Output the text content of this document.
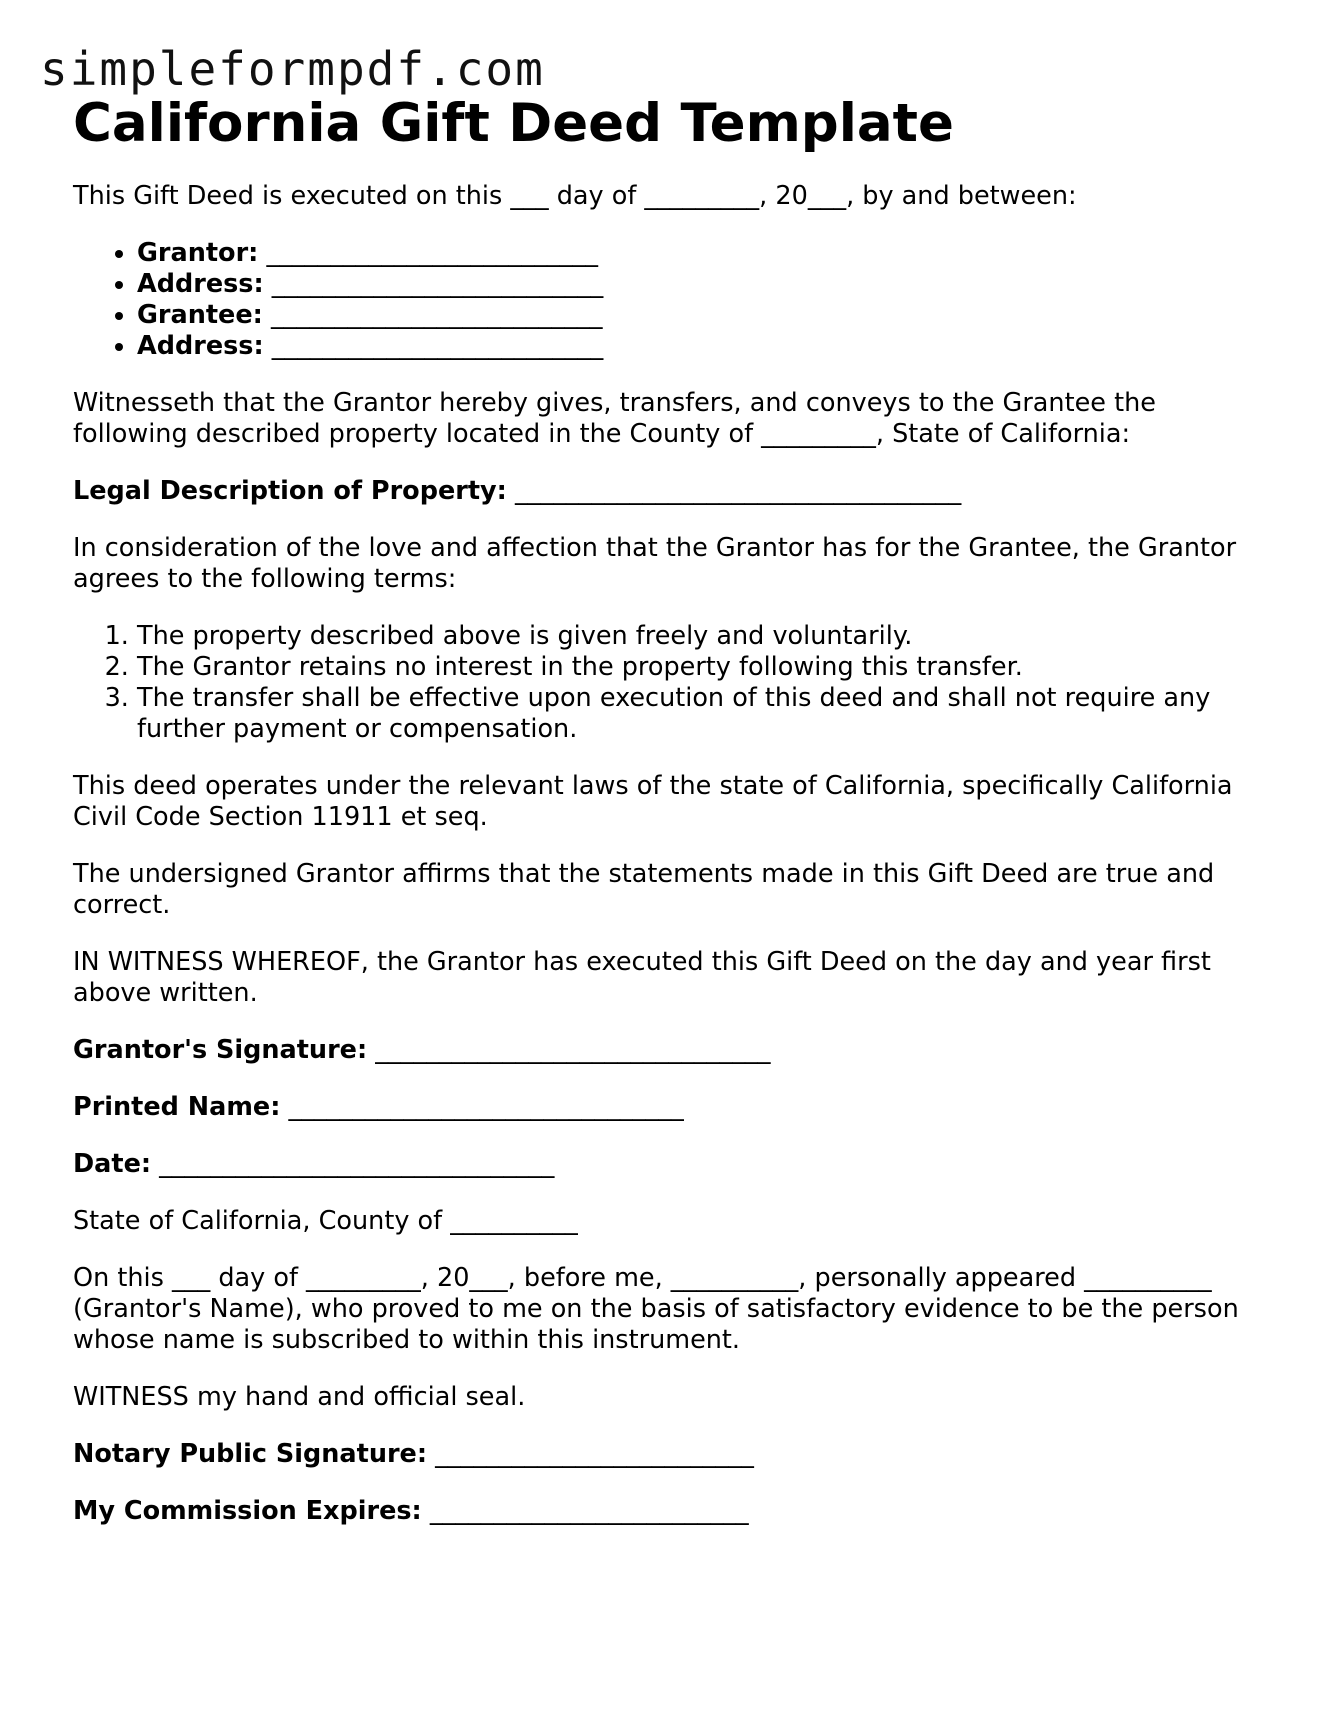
simpleformpdf.com
California Gift Deed Template

This Gift Deed is executed on this ___ day of _________, 20___, by and between:

• Grantor: __________________________
• Address: __________________________
• Grantee: __________________________
• Address: __________________________

Witnesseth that the Grantor hereby gives, transfers, and conveys to the Grantee the following described property located in the County of _________, State of California:

Legal Description of Property: ___________________________________

In consideration of the love and affection that the Grantor has for the Grantee, the Grantor agrees to the following terms:

1. The property described above is given freely and voluntarily.
2. The Grantor retains no interest in the property following this transfer.
3. The transfer shall be effective upon execution of this deed and shall not require any further payment or compensation.

This deed operates under the relevant laws of the state of California, specifically California Civil Code Section 11911 et seq.

The undersigned Grantor affirms that the statements made in this Gift Deed are true and correct.

IN WITNESS WHEREOF, the Grantor has executed this Gift Deed on the day and year first above written.

Grantor's Signature: _______________________________

Printed Name: _______________________________

Date: _______________________________

State of California, County of __________

On this ___ day of _________, 20___, before me, __________, personally appeared __________ (Grantor's Name), who proved to me on the basis of satisfactory evidence to be the person whose name is subscribed to within this instrument.

WITNESS my hand and official seal.

Notary Public Signature: _________________________

My Commission Expires: _________________________
